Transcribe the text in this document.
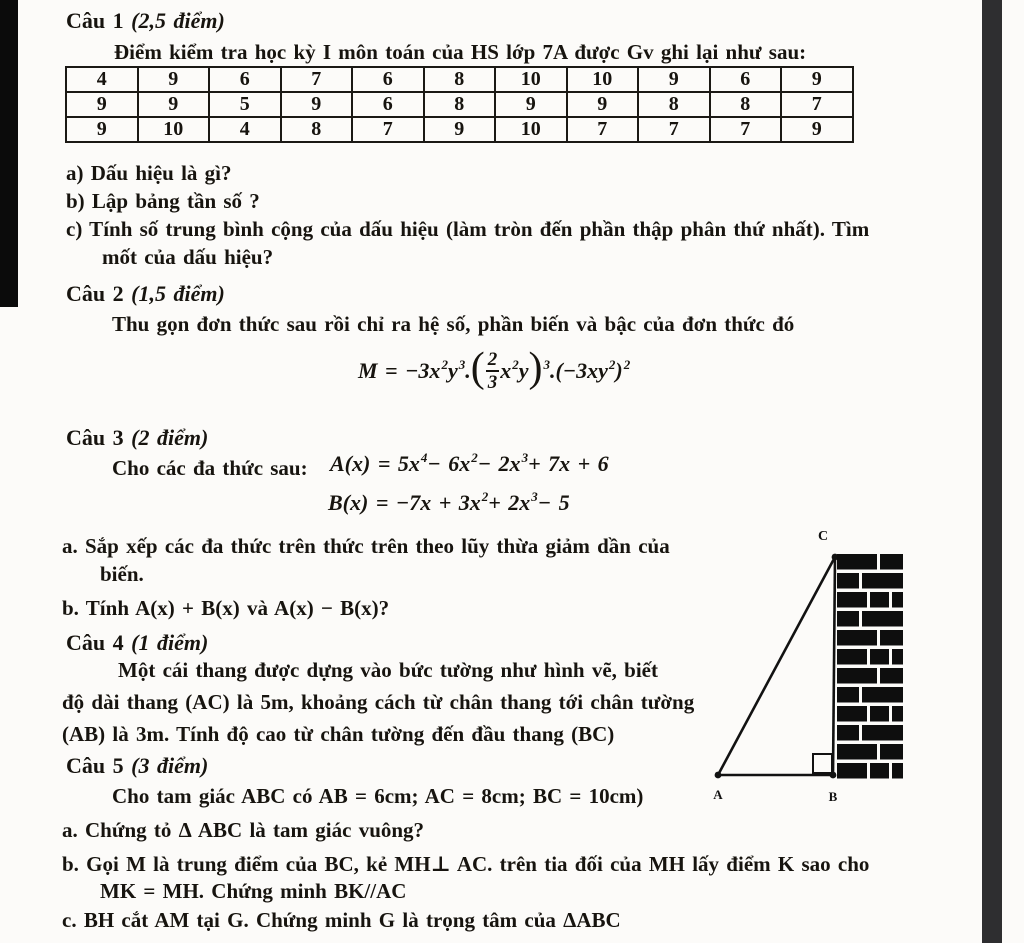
Câu 1 (2,5 điểm)
Điểm kiểm tra học kỳ I môn toán của HS lớp 7A được Gv ghi lại như sau:
4	9	6	7	6	8	10	10	9	6	9
9	9	5	9	6	8	9	9	8	8	7
9	10	4	8	7	9	10	7	7	7	9
a) Dấu hiệu là gì?
b) Lập bảng tần số ?
c) Tính số trung bình cộng của dấu hiệu (làm tròn đến phần thập phân thứ nhất). Tìm
mốt của dấu hiệu?
Câu 2 (1,5 điểm)
Thu gọn đơn thức sau rồi chỉ ra hệ số, phần biến và bậc của đơn thức đó
$M = -3x^2$ $y^3$ . ( $\frac{2}{3} x^2$ y )$^3$ $.(-3xy^2$ )$^2$
Câu 3 (2 điểm)
Cho các đa thức sau: $A(x) = 5x^4 - 6x^2 - 2x^3 + 7x + 6$
$B(x) = -7x + 3x^2 + 2x^3 - 5$
a. Sắp xếp các đa thức trên thức trên theo lũy thừa giảm dần của
biến.
b. Tính A(x) + B(x) và A(x) − B(x)?
Câu 4 (1 điểm)
Một cái thang được dựng vào bức tường như hình vẽ, biết
độ dài thang (AC) là 5m, khoảng cách từ chân thang tới chân tường
(AB) là 3m. Tính độ cao từ chân tường đến đầu thang (BC)
Câu 5 (3 điểm)
Cho tam giác ABC có AB = 6cm; AC = 8cm; BC = 10cm)
a. Chứng tỏ Δ ABC là tam giác vuông?
b. Gọi M là trung điểm của BC, kẻ MH⊥ AC. trên tia đối của MH lấy điểm K sao cho
MK = MH. Chứng minh BK//AC
c. BH cắt AM tại G. Chứng minh G là trọng tâm của ΔABC
C
A	B
